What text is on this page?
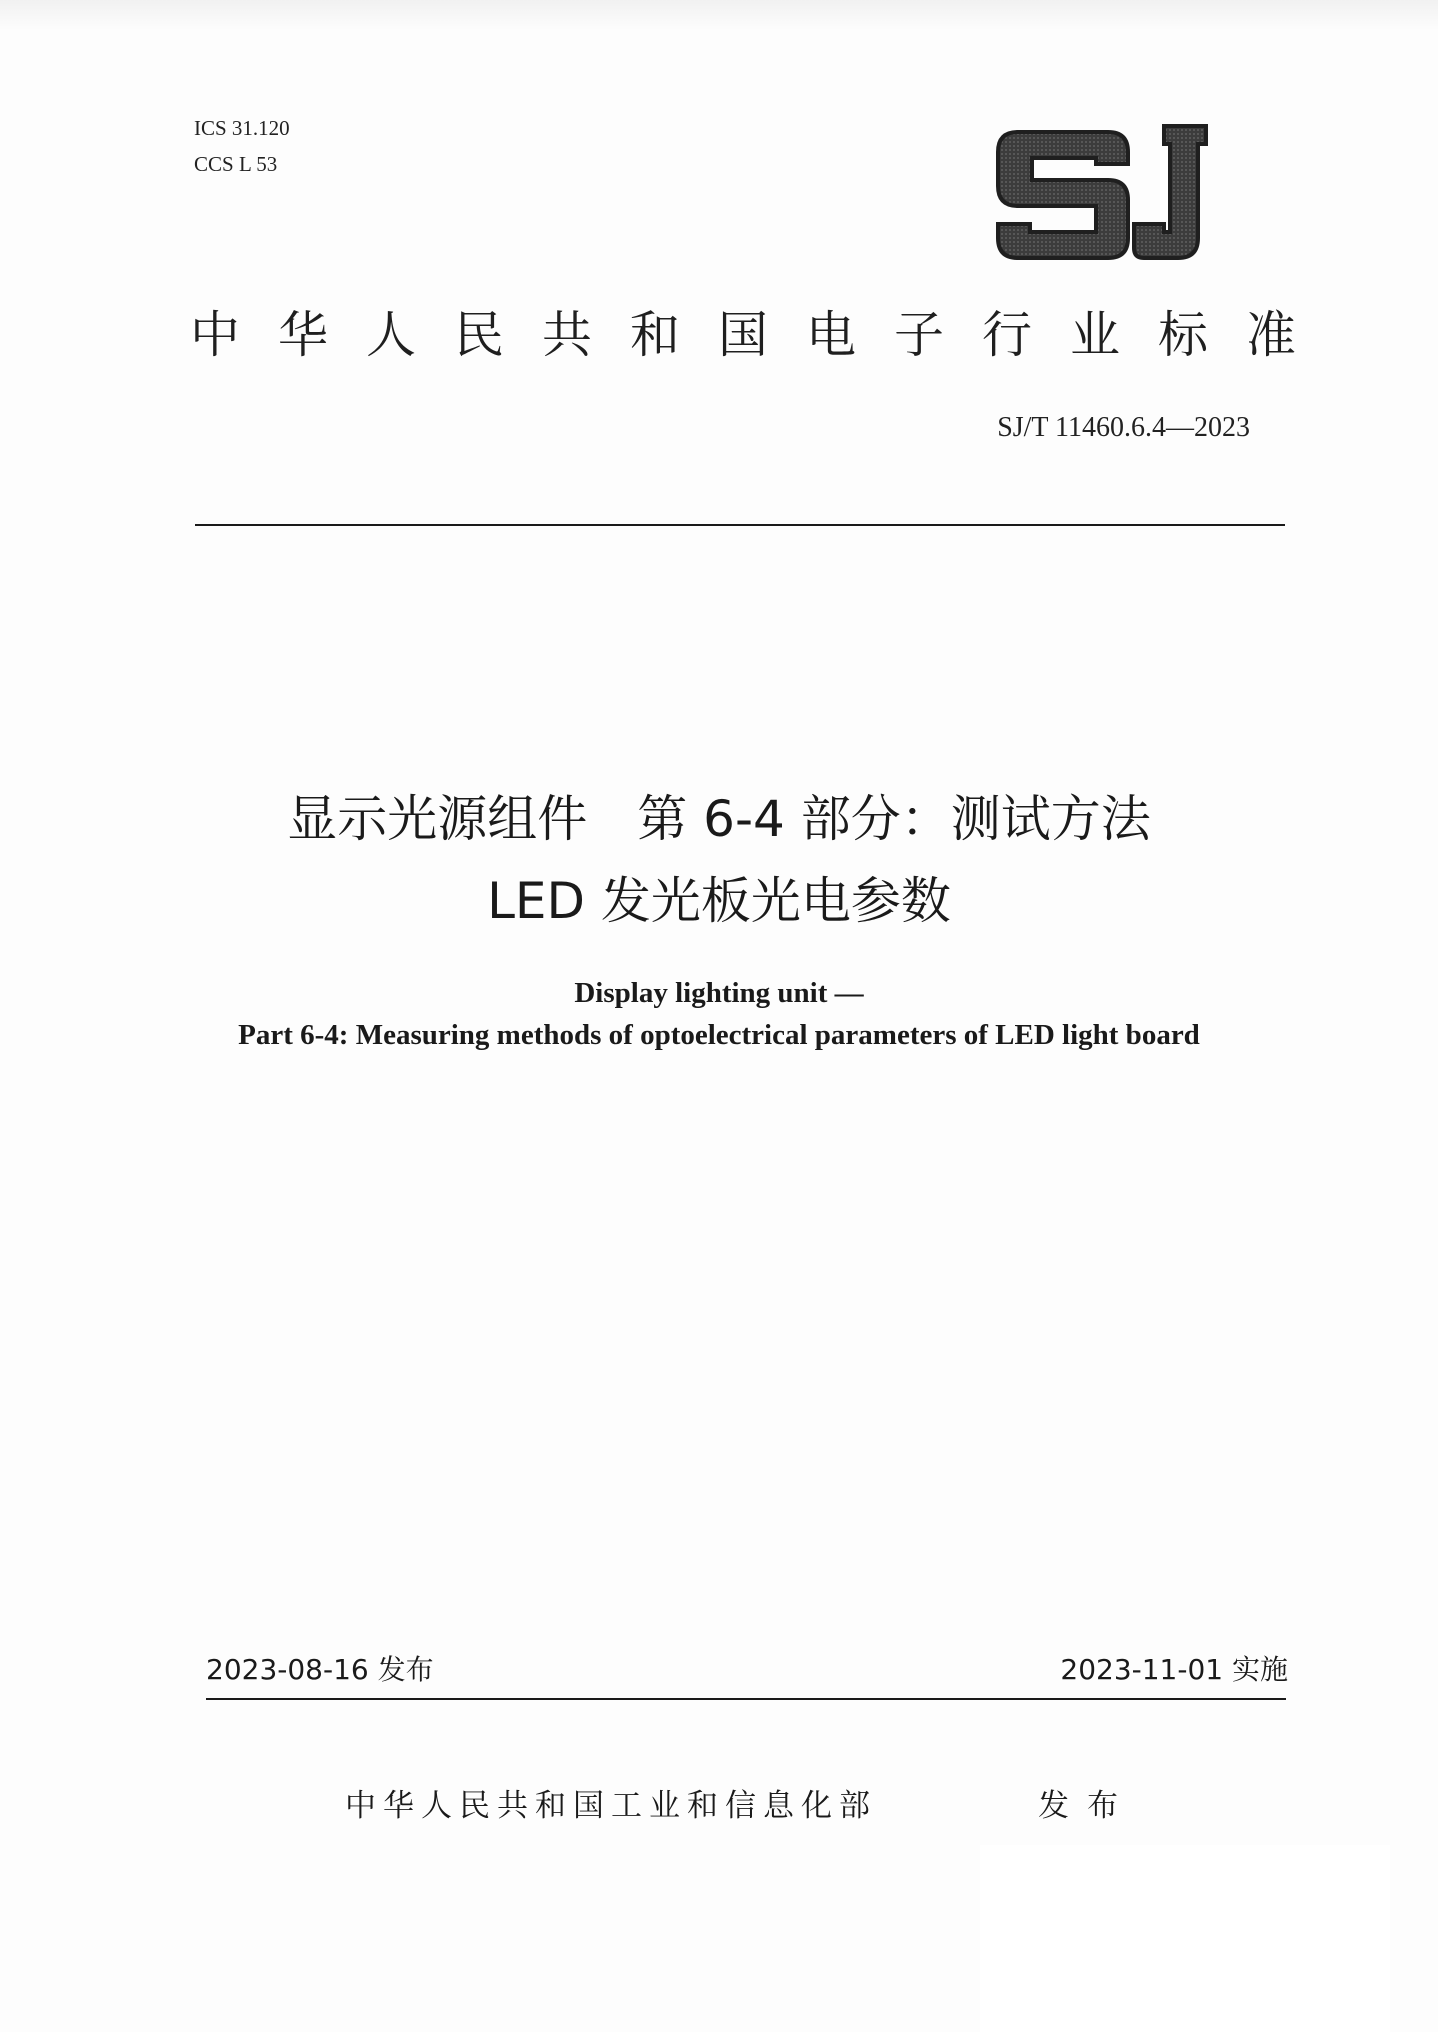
ICS 31.120
CCS L 53
中华人民共和国电子行业标准
SJ/T 11460.6.4—2023
显示光源组件　第 6-4 部分：测试方法
LED 发光板光电参数
Display lighting unit —
Part 6-4: Measuring methods of optoelectrical parameters of LED light board
2023-08-16 发布	2023-11-01 实施
中华人民共和国工业和信息化部	发布
